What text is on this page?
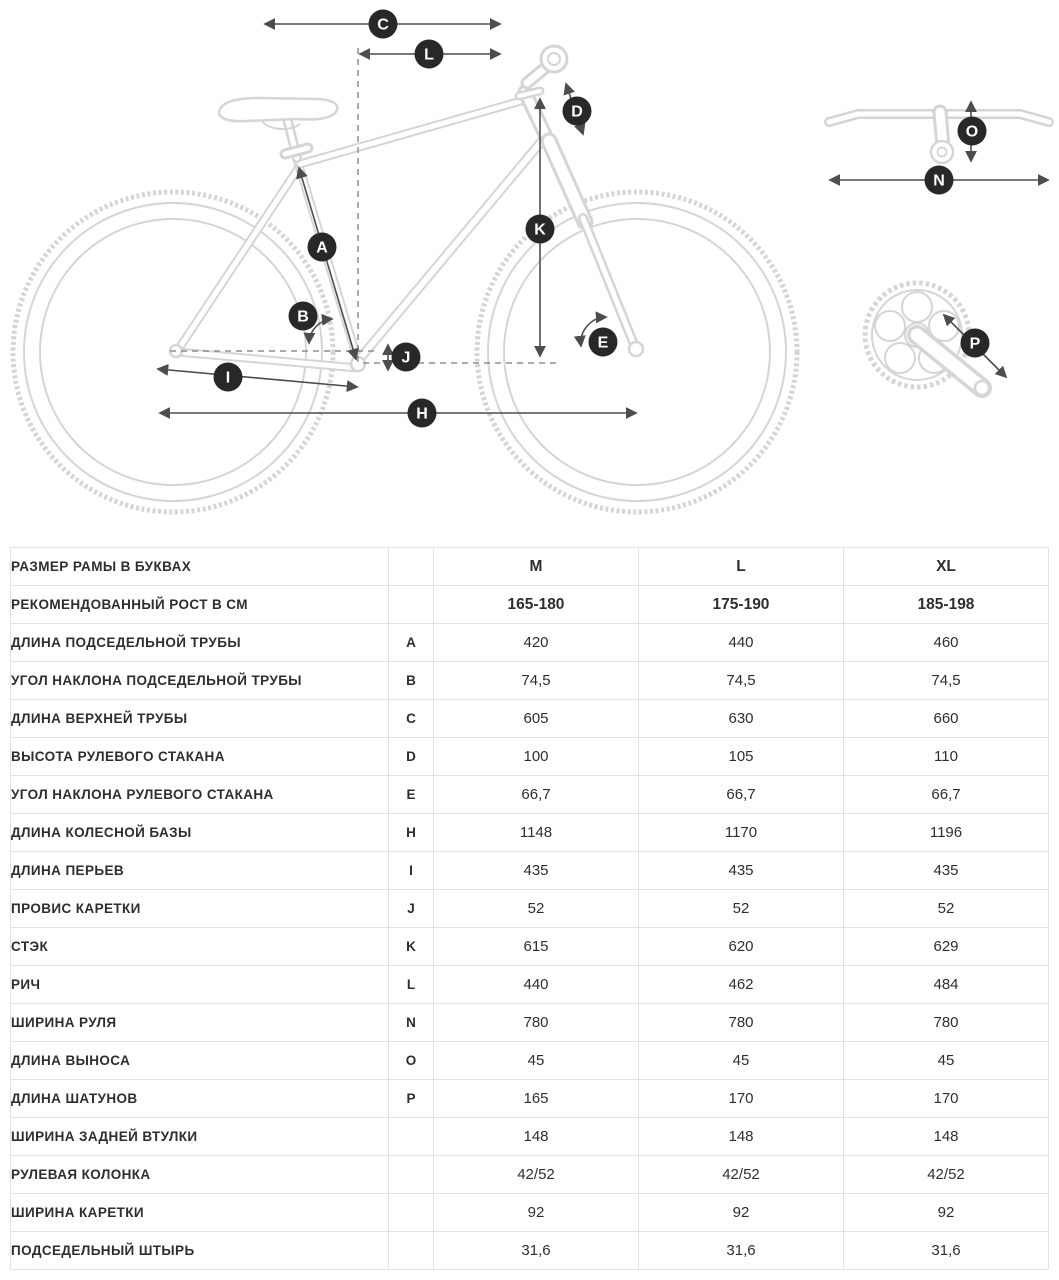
A
B
C
D
E
H
I
J
K
L
N
O
P
РАЗМЕР РАМЫ В БУКВАХ		M	L	XL
РЕКОМЕНДОВАННЫЙ РОСТ В СМ		165-180	175-190	185-198
ДЛИНА ПОДСЕДЕЛЬНОЙ ТРУБЫ	A	420	440	460
УГОЛ НАКЛОНА ПОДСЕДЕЛЬНОЙ ТРУБЫ	B	74,5	74,5	74,5
ДЛИНА ВЕРХНЕЙ ТРУБЫ	C	605	630	660
ВЫСОТА РУЛЕВОГО СТАКАНА	D	100	105	110
УГОЛ НАКЛОНА РУЛЕВОГО СТАКАНА	E	66,7	66,7	66,7
ДЛИНА КОЛЕСНОЙ БАЗЫ	H	1148	1170	1196
ДЛИНА ПЕРЬЕВ	I	435	435	435
ПРОВИС КАРЕТКИ	J	52	52	52
СТЭК	K	615	620	629
РИЧ	L	440	462	484
ШИРИНА РУЛЯ	N	780	780	780
ДЛИНА ВЫНОСА	O	45	45	45
ДЛИНА ШАТУНОВ	P	165	170	170
ШИРИНА ЗАДНЕЙ ВТУЛКИ		148	148	148
РУЛЕВАЯ КОЛОНКА		42/52	42/52	42/52
ШИРИНА КАРЕТКИ		92	92	92
ПОДСЕДЕЛЬНЫЙ ШТЫРЬ		31,6	31,6	31,6
